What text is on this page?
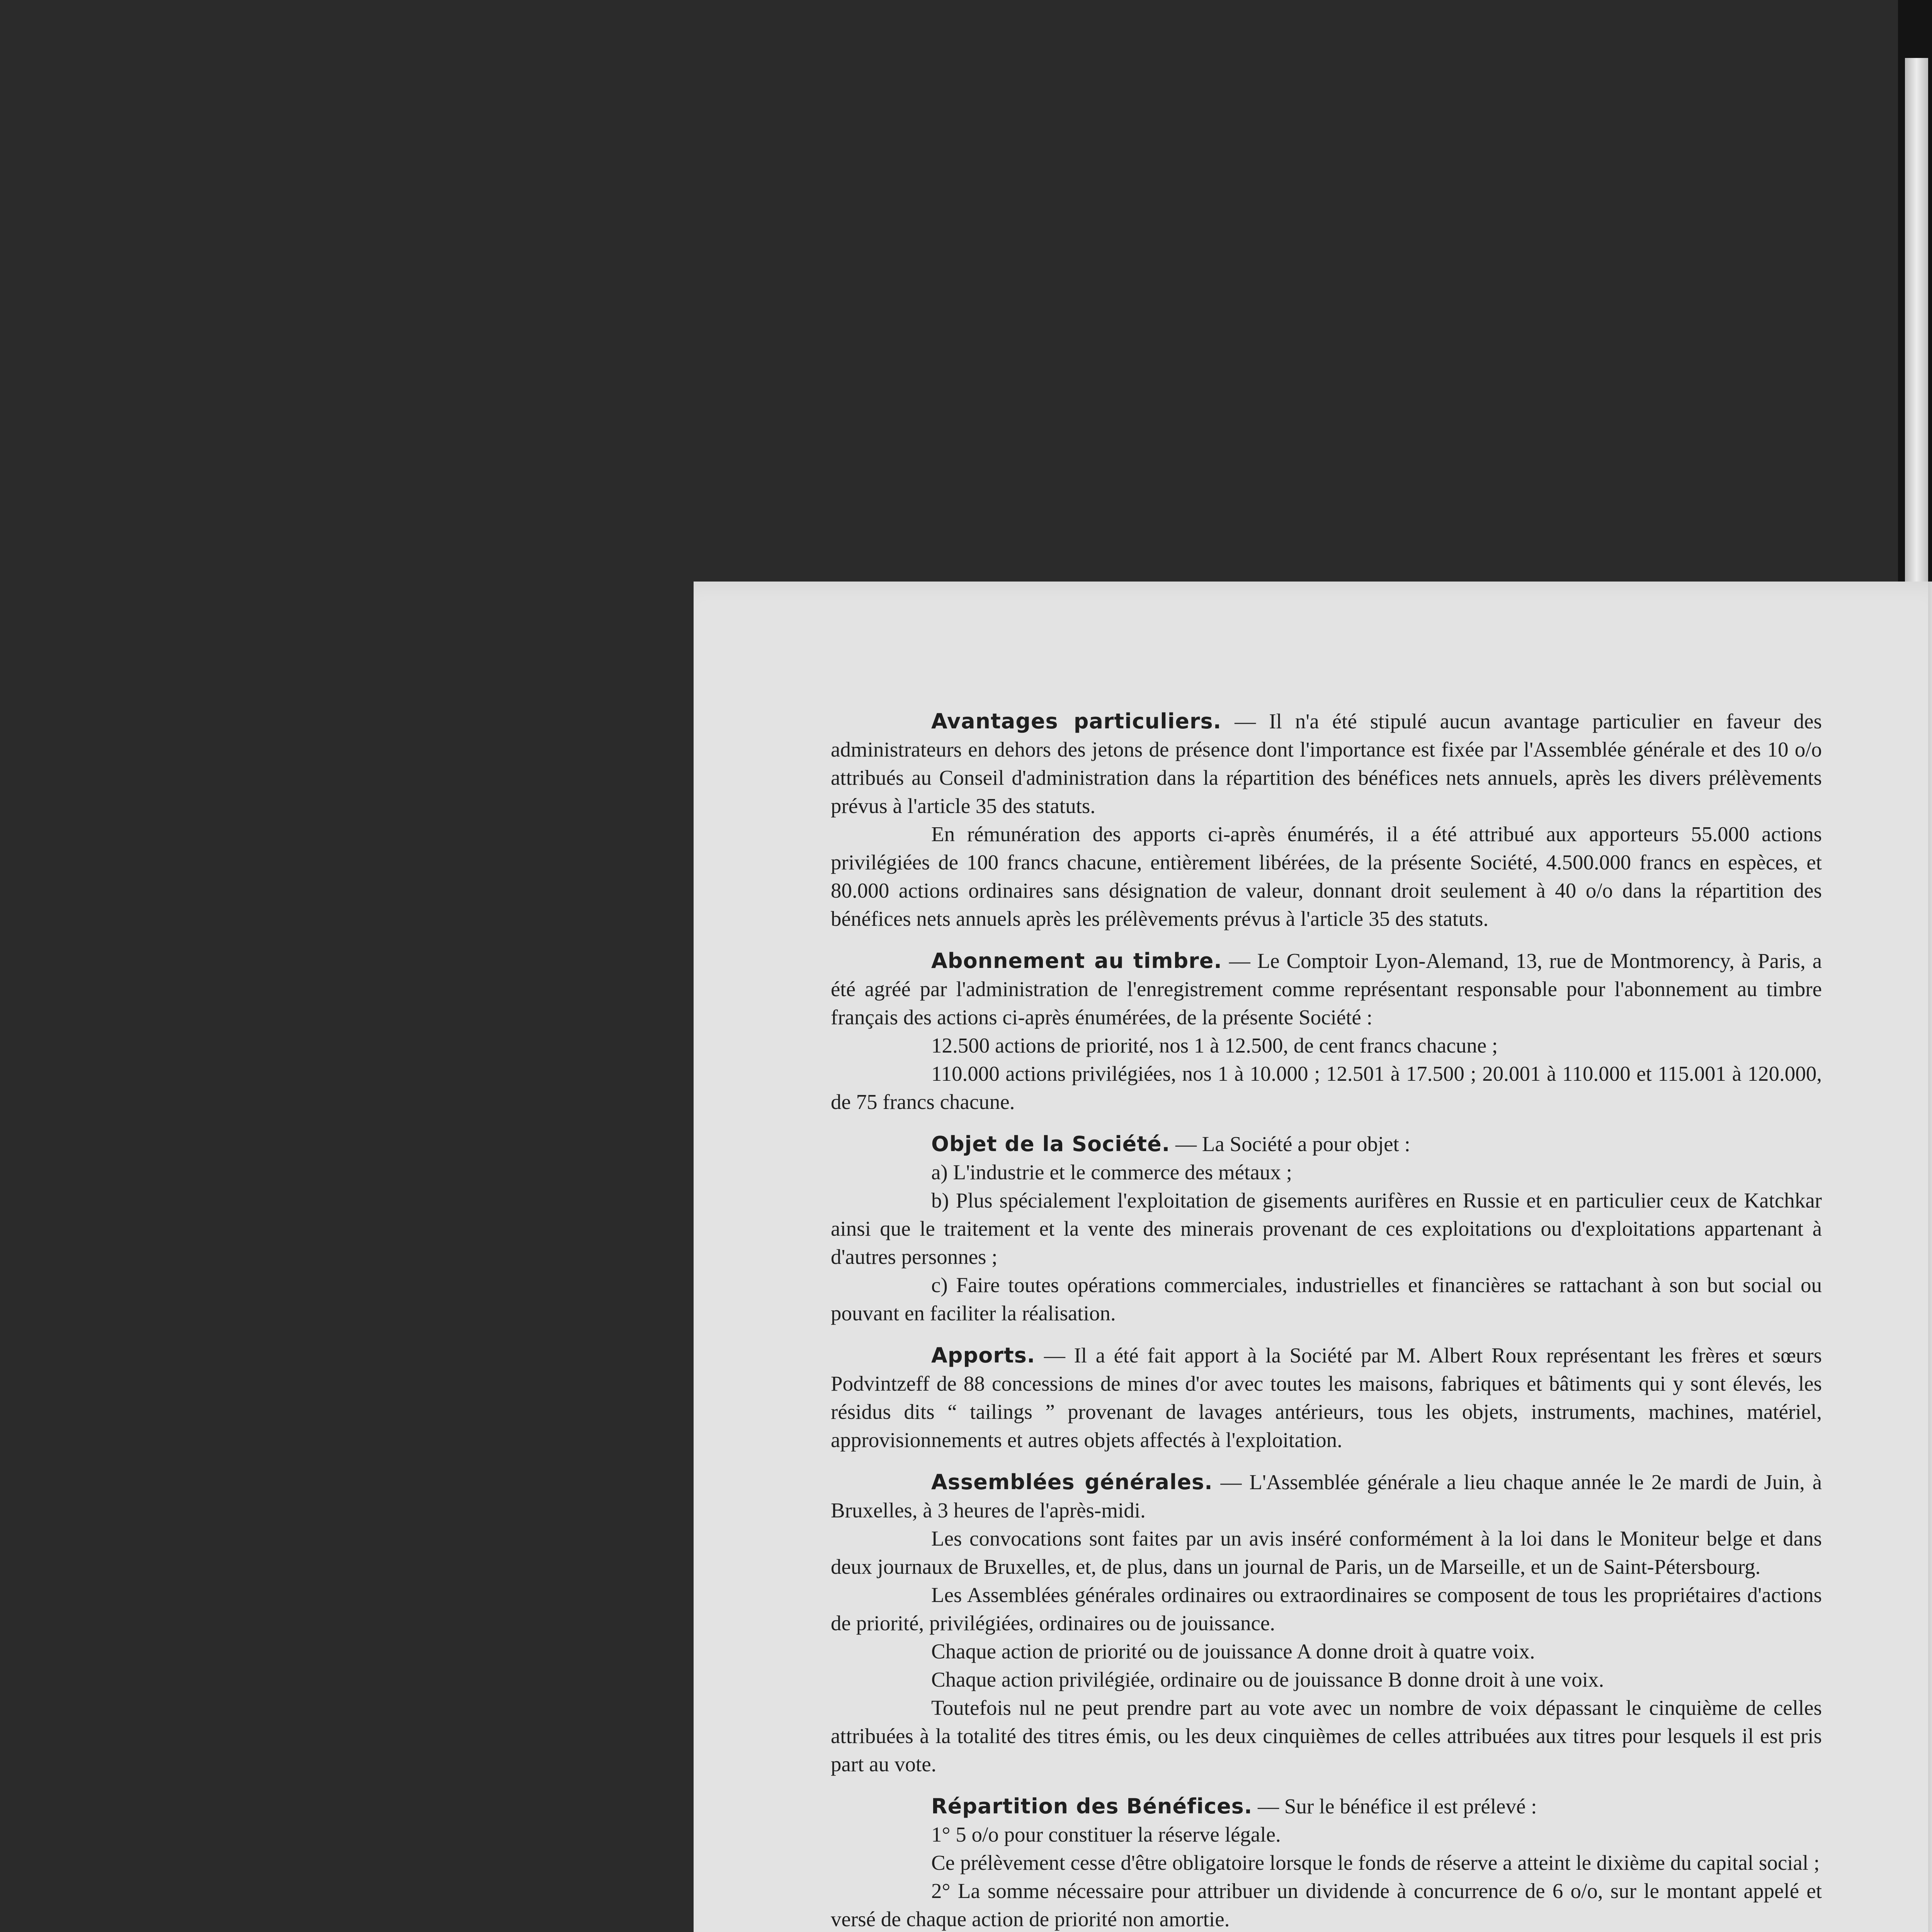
Avantages particuliers. — Il n'a été stipulé aucun avantage particulier en faveur des administrateurs en dehors des jetons de présence dont l'importance est fixée par l'Assemblée générale et des 10 o/o attribués au Conseil d'administration dans la répartition des bénéfices nets annuels, après les divers prélèvements prévus à l'article 35 des statuts.

En rémunération des apports ci-après énumérés, il a été attribué aux apporteurs 55.000 actions privilégiées de 100 francs chacune, entièrement libérées, de la présente Société, 4.500.000 francs en espèces, et 80.000 actions ordinaires sans désignation de valeur, donnant droit seulement à 40 o/o dans la répartition des bénéfices nets annuels après les prélèvements prévus à l'article 35 des statuts.

Abonnement au timbre. — Le Comptoir Lyon-Alemand, 13, rue de Montmorency, à Paris, a été agréé par l'administration de l'enregistrement comme représentant responsable pour l'abonnement au timbre français des actions ci-après énumérées, de la présente Société :

12.500 actions de priorité, nos 1 à 12.500, de cent francs chacune ;

110.000 actions privilégiées, nos 1 à 10.000 ; 12.501 à 17.500 ; 20.001 à 110.000 et 115.001 à 120.000, de 75 francs chacune.

Objet de la Société. — La Société a pour objet :

a) L'industrie et le commerce des métaux ;

b) Plus spécialement l'exploitation de gisements aurifères en Russie et en particulier ceux de Katchkar ainsi que le traitement et la vente des minerais provenant de ces exploitations ou d'exploitations appartenant à d'autres personnes ;

c) Faire toutes opérations commerciales, industrielles et financières se rattachant à son but social ou pouvant en faciliter la réalisation.

Apports. — Il a été fait apport à la Société par M. Albert Roux représentant les frères et sœurs Podvintzeff de 88 concessions de mines d'or avec toutes les maisons, fabriques et bâtiments qui y sont élevés, les résidus dits “ tailings ” provenant de lavages antérieurs, tous les objets, instruments, machines, matériel, approvisionnements et autres objets affectés à l'exploitation.

Assemblées générales. — L'Assemblée générale a lieu chaque année le 2e mardi de Juin, à Bruxelles, à 3 heures de l'après-midi.

Les convocations sont faites par un avis inséré conformément à la loi dans le Moniteur belge et dans deux journaux de Bruxelles, et, de plus, dans un journal de Paris, un de Marseille, et un de Saint-Pétersbourg.

Les Assemblées générales ordinaires ou extraordinaires se composent de tous les propriétaires d'actions de priorité, privilégiées, ordinaires ou de jouissance.

Chaque action de priorité ou de jouissance A donne droit à quatre voix.

Chaque action privilégiée, ordinaire ou de jouissance B donne droit à une voix.

Toutefois nul ne peut prendre part au vote avec un nombre de voix dépassant le cinquième de celles attribuées à la totalité des titres émis, ou les deux cinquièmes de celles attribuées aux titres pour lesquels il est pris part au vote.

Répartition des Bénéfices. — Sur le bénéfice il est prélevé :

1° 5 o/o pour constituer la réserve légale.

Ce prélèvement cesse d'être obligatoire lorsque le fonds de réserve a atteint le dixième du capital social ;

2° La somme nécessaire pour attribuer un dividende à concurrence de 6 o/o, sur le montant appelé et versé de chaque action de priorité non amortie.
